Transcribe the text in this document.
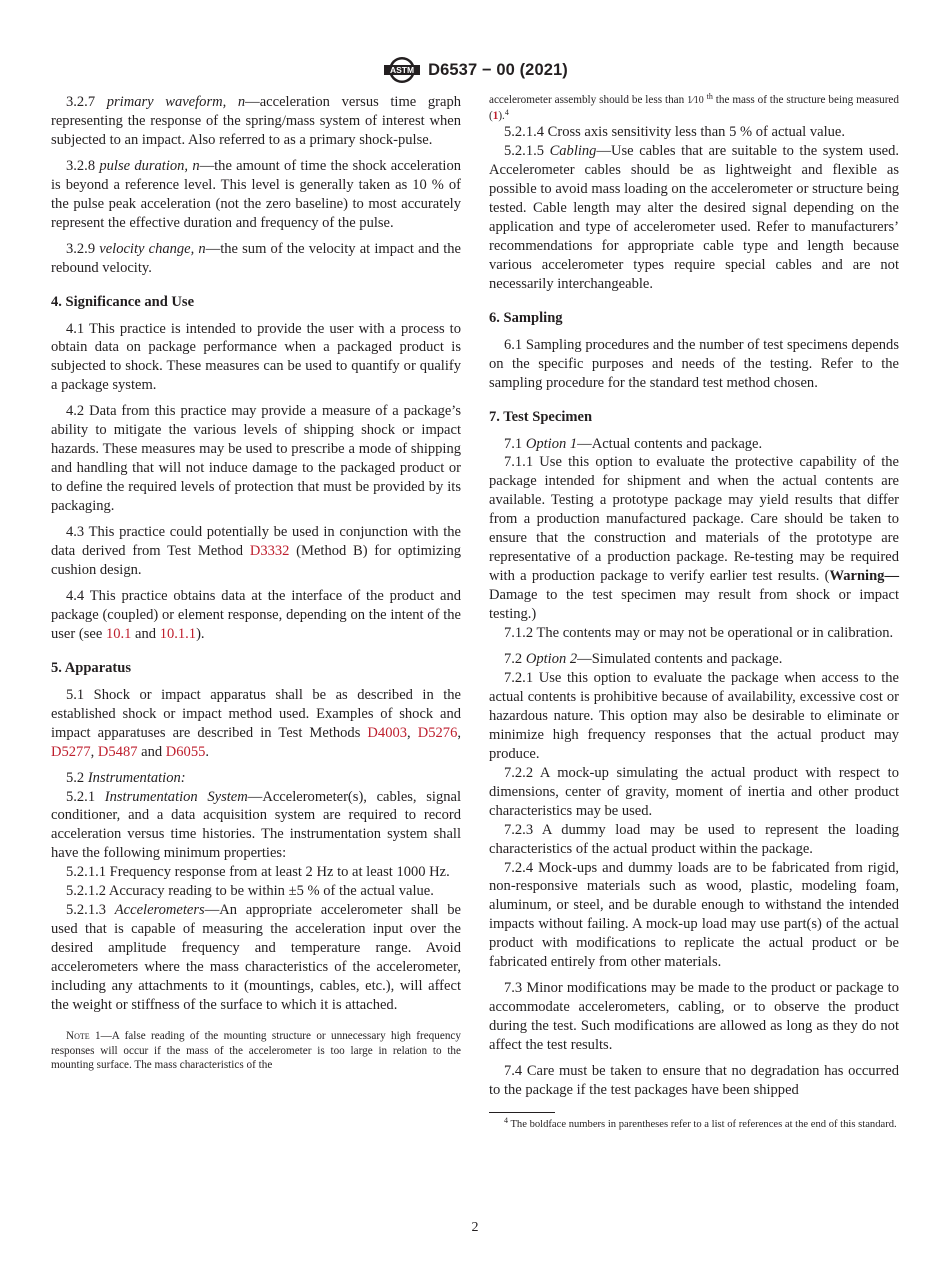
ASTM D6537 − 00 (2021)

3.2.7 primary waveform, n—acceleration versus time graph representing the response of the spring/mass system of interest when subjected to an impact. Also referred to as a primary shock-pulse.

3.2.8 pulse duration, n—the amount of time the shock acceleration is beyond a reference level. This level is generally taken as 10 % of the pulse peak acceleration (not the zero baseline) to most accurately represent the effective duration and frequency of the pulse.

3.2.9 velocity change, n—the sum of the velocity at impact and the rebound velocity.

4. Significance and Use

4.1 This practice is intended to provide the user with a process to obtain data on package performance when a packaged product is subjected to shock. These measures can be used to quantify or qualify a package system.

4.2 Data from this practice may provide a measure of a package’s ability to mitigate the various levels of shipping shock or impact hazards. These measures may be used to prescribe a mode of shipping and handling that will not induce damage to the packaged product or to define the required levels of protection that must be provided by its packaging.

4.3 This practice could potentially be used in conjunction with the data derived from Test Method D3332 (Method B) for optimizing cushion design.

4.4 This practice obtains data at the interface of the product and package (coupled) or element response, depending on the intent of the user (see 10.1 and 10.1.1).

5. Apparatus

5.1 Shock or impact apparatus shall be as described in the established shock or impact method used. Examples of shock and impact apparatuses are described in Test Methods D4003, D5276, D5277, D5487 and D6055.

5.2 Instrumentation:

5.2.1 Instrumentation System—Accelerometer(s), cables, signal conditioner, and a data acquisition system are required to record acceleration versus time histories. The instrumentation system shall have the following minimum properties:

5.2.1.1 Frequency response from at least 2 Hz to at least 1000 Hz.

5.2.1.2 Accuracy reading to be within ±5 % of the actual value.

5.2.1.3 Accelerometers—An appropriate accelerometer shall be used that is capable of measuring the acceleration input over the desired amplitude frequency and temperature range. Avoid accelerometers where the mass characteristics of the accelerometer, including any attachments to it (mountings, cables, etc.), will affect the weight or stiffness of the surface to which it is attached.

Note 1—A false reading of the mounting structure or unnecessary high frequency responses will occur if the mass of the accelerometer is too large in relation to the mounting surface. The mass characteristics of the

accelerometer assembly should be less than 1⁄10 $^{th}$ the mass of the structure being measured (1).$^4$

5.2.1.4 Cross axis sensitivity less than 5 % of actual value.

5.2.1.5 Cabling—Use cables that are suitable to the system used. Accelerometer cables should be as lightweight and flexible as possible to avoid mass loading on the accelerometer or structure being tested. Cable length may alter the desired signal depending on the application and type of accelerometer used. Refer to manufacturers’ recommendations for appropriate cable type and length because various accelerometer types require special cables and are not necessarily interchangeable.

6. Sampling

6.1 Sampling procedures and the number of test specimens depends on the specific purposes and needs of the testing. Refer to the sampling procedure for the standard test method chosen.

7. Test Specimen

7.1 Option 1—Actual contents and package.

7.1.1 Use this option to evaluate the protective capability of the package intended for shipment and when the actual contents are available. Testing a prototype package may yield results that differ from a production manufactured package. Care should be taken to ensure that the construction and materials of the prototype are representative of a production package. Re-testing may be required with a production package to verify earlier test results. (Warning—Damage to the test specimen may result from shock or impact testing.)

7.1.2 The contents may or may not be operational or in calibration.

7.2 Option 2—Simulated contents and package.

7.2.1 Use this option to evaluate the package when access to the actual contents is prohibitive because of availability, excessive cost or hazardous nature. This option may also be desirable to eliminate or minimize high frequency responses that the actual product may produce.

7.2.2 A mock-up simulating the actual product with respect to dimensions, center of gravity, moment of inertia and other product characteristics may be used.

7.2.3 A dummy load may be used to represent the loading characteristics of the actual product within the package.

7.2.4 Mock-ups and dummy loads are to be fabricated from rigid, non-responsive materials such as wood, plastic, modeling foam, aluminum, or steel, and be durable enough to withstand the intended impacts without failing. A mock-up load may use part(s) of the actual product with modifications to replicate the actual product or be fabricated entirely from other materials.

7.3 Minor modifications may be made to the product or package to accommodate accelerometers, cabling, or to observe the product during the test. Such modifications are allowed as long as they do not affect the test results.

7.4 Care must be taken to ensure that no degradation has occurred to the package if the test packages have been shipped

$^4$ The boldface numbers in parentheses refer to a list of references at the end of this standard.

2
